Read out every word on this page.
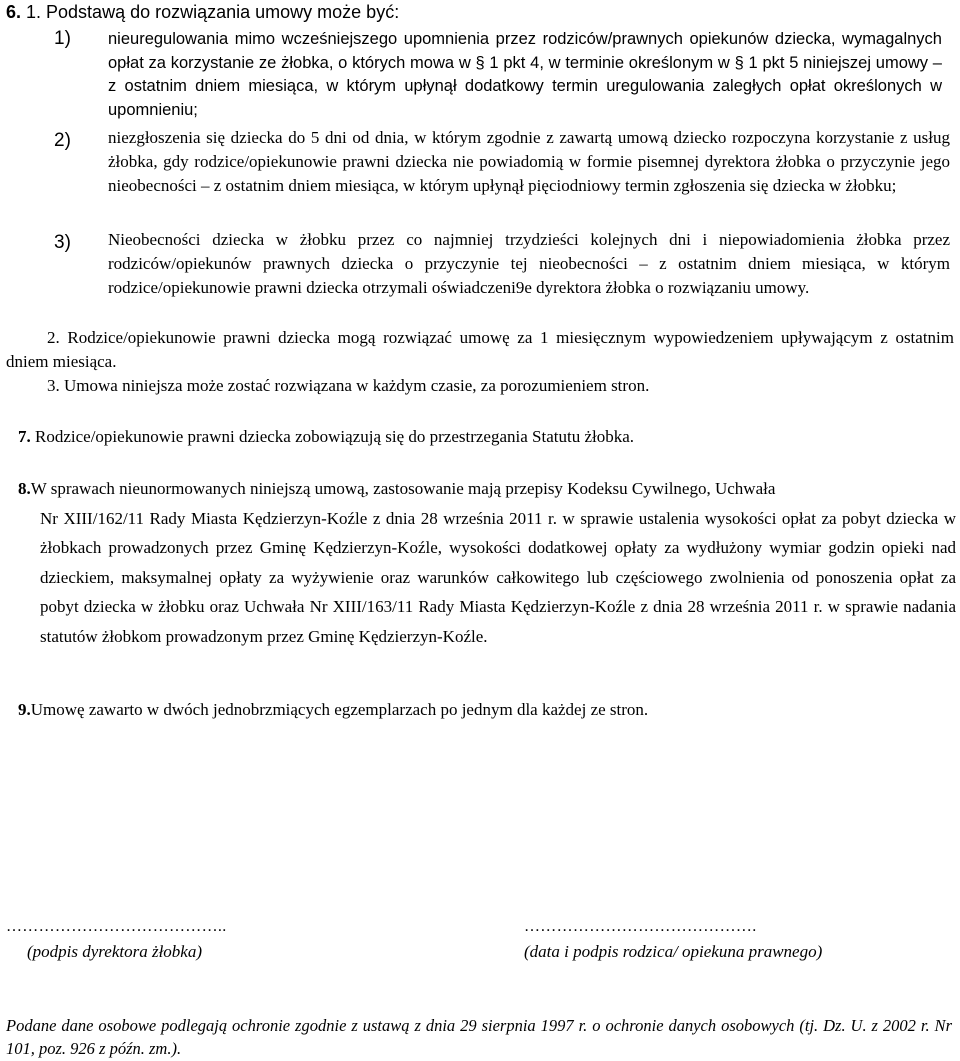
6. 1. Podstawą do rozwiązania umowy może być:
1) nieuregulowania mimo wcześniejszego upomnienia przez rodziców/prawnych opiekunów dziecka, wymagalnych opłat za korzystanie ze żłobka, o których mowa w § 1 pkt 4, w terminie określonym w § 1 pkt 5 niniejszej umowy – z ostatnim dniem miesiąca, w którym upłynął dodatkowy termin uregulowania zaległych opłat określonych w upomnieniu;
2) niezgłoszenia się dziecka do 5 dni od dnia, w którym zgodnie z zawartą umową dziecko rozpoczyna korzystanie z usług żłobka, gdy rodzice/opiekunowie prawni dziecka nie powiadomią w formie pisemnej dyrektora żłobka o przyczynie jego nieobecności – z ostatnim dniem miesiąca, w którym upłynął pięciodniowy termin zgłoszenia się dziecka w żłobku;
3) Nieobecności dziecka w żłobku przez co najmniej trzydzieści kolejnych dni i niepowiadomienia żłobka przez rodziców/opiekunów prawnych dziecka o przyczynie tej nieobecności – z ostatnim dniem miesiąca, w którym rodzice/opiekunowie prawni dziecka otrzymali oświadczeni9e dyrektora żłobka o rozwiązaniu umowy.
2. Rodzice/opiekunowie prawni dziecka mogą rozwiązać umowę za 1 miesięcznym wypowiedzeniem upływającym z ostatnim dniem miesiąca.
3. Umowa niniejsza może zostać rozwiązana w każdym czasie, za porozumieniem stron.
7. Rodzice/opiekunowie prawni dziecka zobowiązują się do przestrzegania Statutu żłobka.
8.W sprawach nieunormowanych niniejszą umową, zastosowanie mają przepisy Kodeksu Cywilnego, Uchwała
Nr XIII/162/11 Rady Miasta Kędzierzyn-Koźle z dnia 28 września 2011 r. w sprawie ustalenia wysokości opłat za pobyt dziecka w żłobkach prowadzonych przez Gminę Kędzierzyn-Koźle, wysokości dodatkowej opłaty za wydłużony wymiar godzin opieki nad dzieckiem, maksymalnej opłaty za wyżywienie oraz warunków całkowitego lub częściowego zwolnienia od ponoszenia opłat za pobyt dziecka w żłobku oraz Uchwała Nr XIII/163/11 Rady Miasta Kędzierzyn-Koźle z dnia 28 września 2011 r. w sprawie nadania statutów żłobkom prowadzonym przez Gminę Kędzierzyn-Koźle.
9.Umowę zawarto w dwóch jednobrzmiących egzemplarzach po jednym dla każdej ze stron.
…………………………………..	…………………………………….
(podpis dyrektora żłobka)	(data i podpis rodzica/ opiekuna prawnego)
Podane dane osobowe podlegają ochronie zgodnie z ustawą z dnia 29 sierpnia 1997 r. o ochronie danych osobowych (tj. Dz. U. z 2002 r. Nr 101, poz. 926 z późn. zm.).
